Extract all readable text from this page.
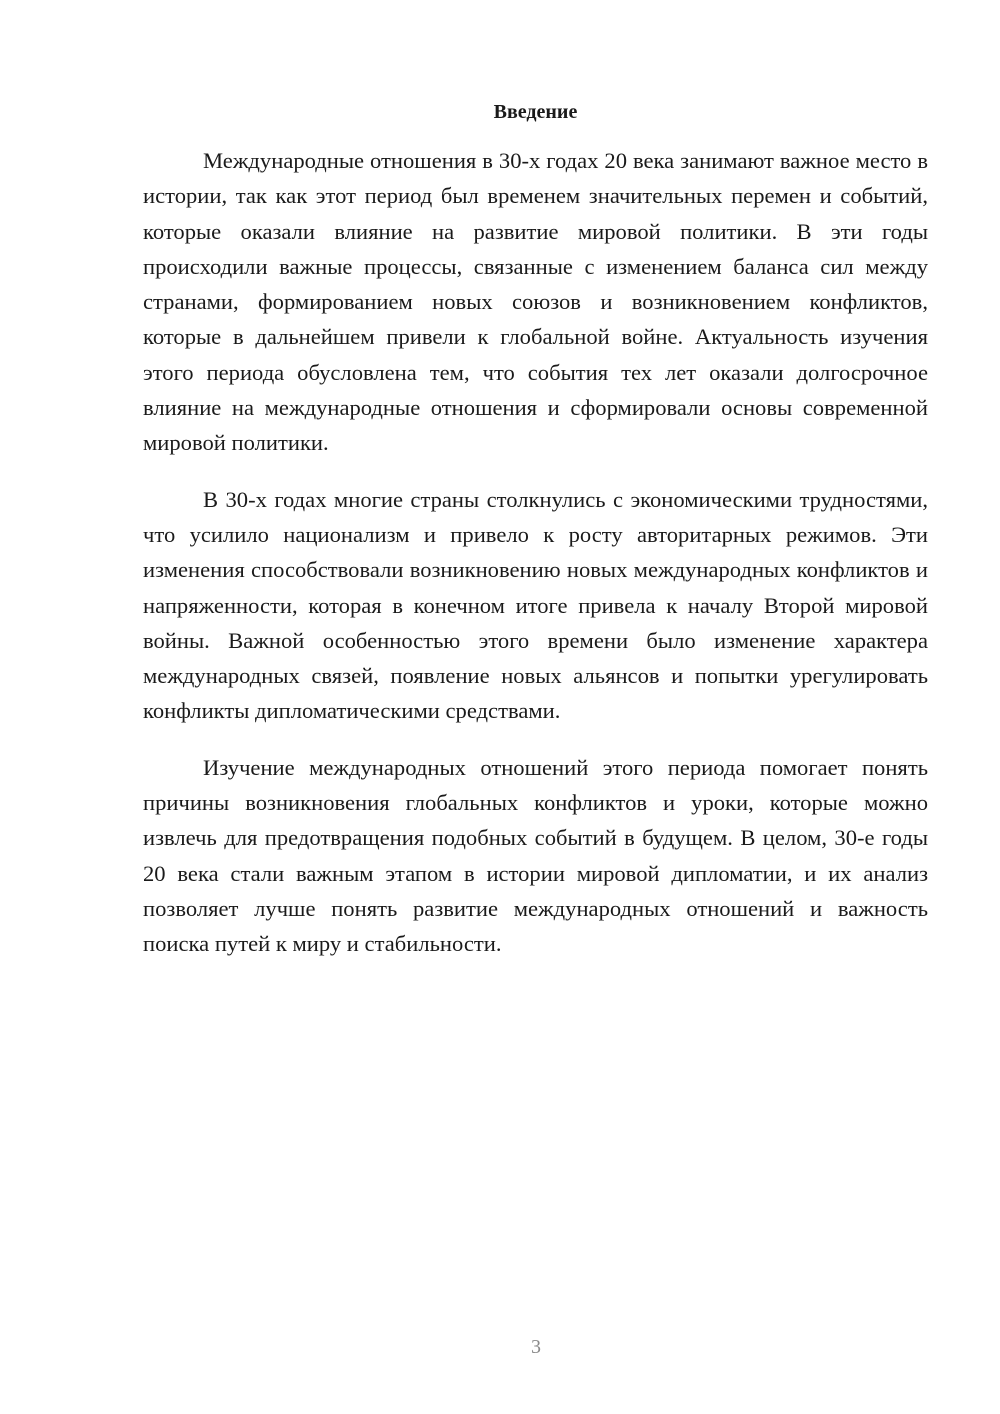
Введение

Международные отношения в 30-х годах 20 века занимают важное место в истории, так как этот период был временем значительных перемен и событий, которые оказали влияние на развитие мировой политики. В эти годы происходили важные процессы, связанные с изменением баланса сил между странами, формированием новых союзов и возникновением конфликтов, которые в дальнейшем привели к глобальной войне. Актуальность изучения этого периода обусловлена тем, что события тех лет оказали долгосрочное влияние на международные отношения и сформировали основы современной мировой политики.

В 30-х годах многие страны столкнулись с экономическими трудностями, что усилило национализм и привело к росту авторитарных режимов. Эти изменения способствовали возникновению новых международных конфликтов и напряженности, которая в конечном итоге привела к началу Второй мировой войны. Важной особенностью этого времени было изменение характера международных связей, появление новых альянсов и попытки урегулировать конфликты дипломатическими средствами.

Изучение международных отношений этого периода помогает понять причины возникновения глобальных конфликтов и уроки, которые можно извлечь для предотвращения подобных событий в будущем. В целом, 30-е годы 20 века стали важным этапом в истории мировой дипломатии, и их анализ позволяет лучше понять развитие международных отношений и важность поиска путей к миру и стабильности.

3
